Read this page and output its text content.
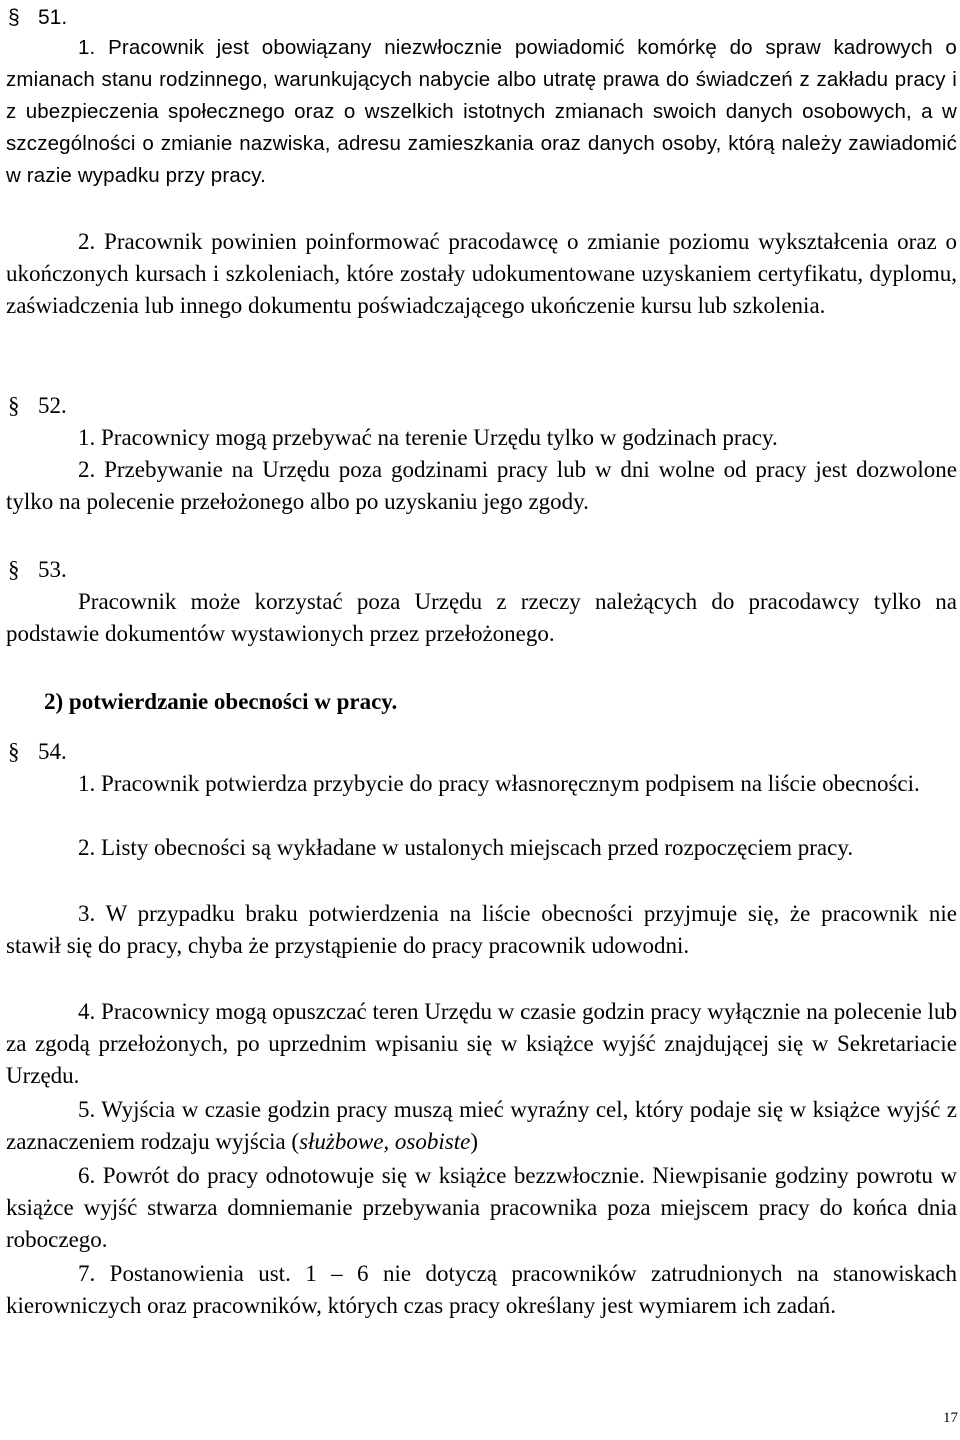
§ 51.

1. Pracownik jest obowiązany niezwłocznie powiadomić komórkę do spraw kadrowych o zmianach stanu rodzinnego, warunkujących nabycie albo utratę prawa do świadczeń z zakładu pracy i z ubezpieczenia społecznego oraz o wszelkich istotnych zmianach swoich danych osobowych, a w szczególności o zmianie nazwiska, adresu zamieszkania oraz danych osoby, którą należy zawiadomić w razie wypadku przy pracy.

2. Pracownik powinien poinformować pracodawcę o zmianie poziomu wykształcenia oraz o ukończonych kursach i szkoleniach, które zostały udokumentowane uzyskaniem certyfikatu, dyplomu, zaświadczenia lub innego dokumentu poświadczającego ukończenie kursu lub szkolenia.

§ 52.

1. Pracownicy mogą przebywać na terenie Urzędu tylko w godzinach pracy.

2. Przebywanie na Urzędu poza godzinami pracy lub w dni wolne od pracy jest dozwolone tylko na polecenie przełożonego albo po uzyskaniu jego zgody.

§ 53.

Pracownik może korzystać poza Urzędu z rzeczy należących do pracodawcy tylko na podstawie dokumentów wystawionych przez przełożonego.

2) potwierdzanie obecności w pracy.
§ 54.

1. Pracownik potwierdza przybycie do pracy własnoręcznym podpisem na liście obecności.

2. Listy obecności są wykładane w ustalonych miejscach przed rozpoczęciem pracy.

3. W przypadku braku potwierdzenia na liście obecności przyjmuje się, że pracownik nie stawił się do pracy, chyba że przystąpienie do pracy pracownik udowodni.

4. Pracownicy mogą opuszczać teren Urzędu w czasie godzin pracy wyłącznie na polecenie lub za zgodą przełożonych, po uprzednim wpisaniu się w książce wyjść znajdującej się w Sekretariacie Urzędu.

5. Wyjścia w czasie godzin pracy muszą mieć wyraźny cel, który podaje się w książce wyjść z zaznaczeniem rodzaju wyjścia (służbowe, osobiste)

6. Powrót do pracy odnotowuje się w książce bezzwłocznie. Niewpisanie godziny powrotu w książce wyjść stwarza domniemanie przebywania pracownika poza miejscem pracy do końca dnia roboczego.

7. Postanowienia ust. 1 – 6 nie dotyczą pracowników zatrudnionych na stanowiskach kierowniczych oraz pracowników, których czas pracy określany jest wymiarem ich zadań.

17
